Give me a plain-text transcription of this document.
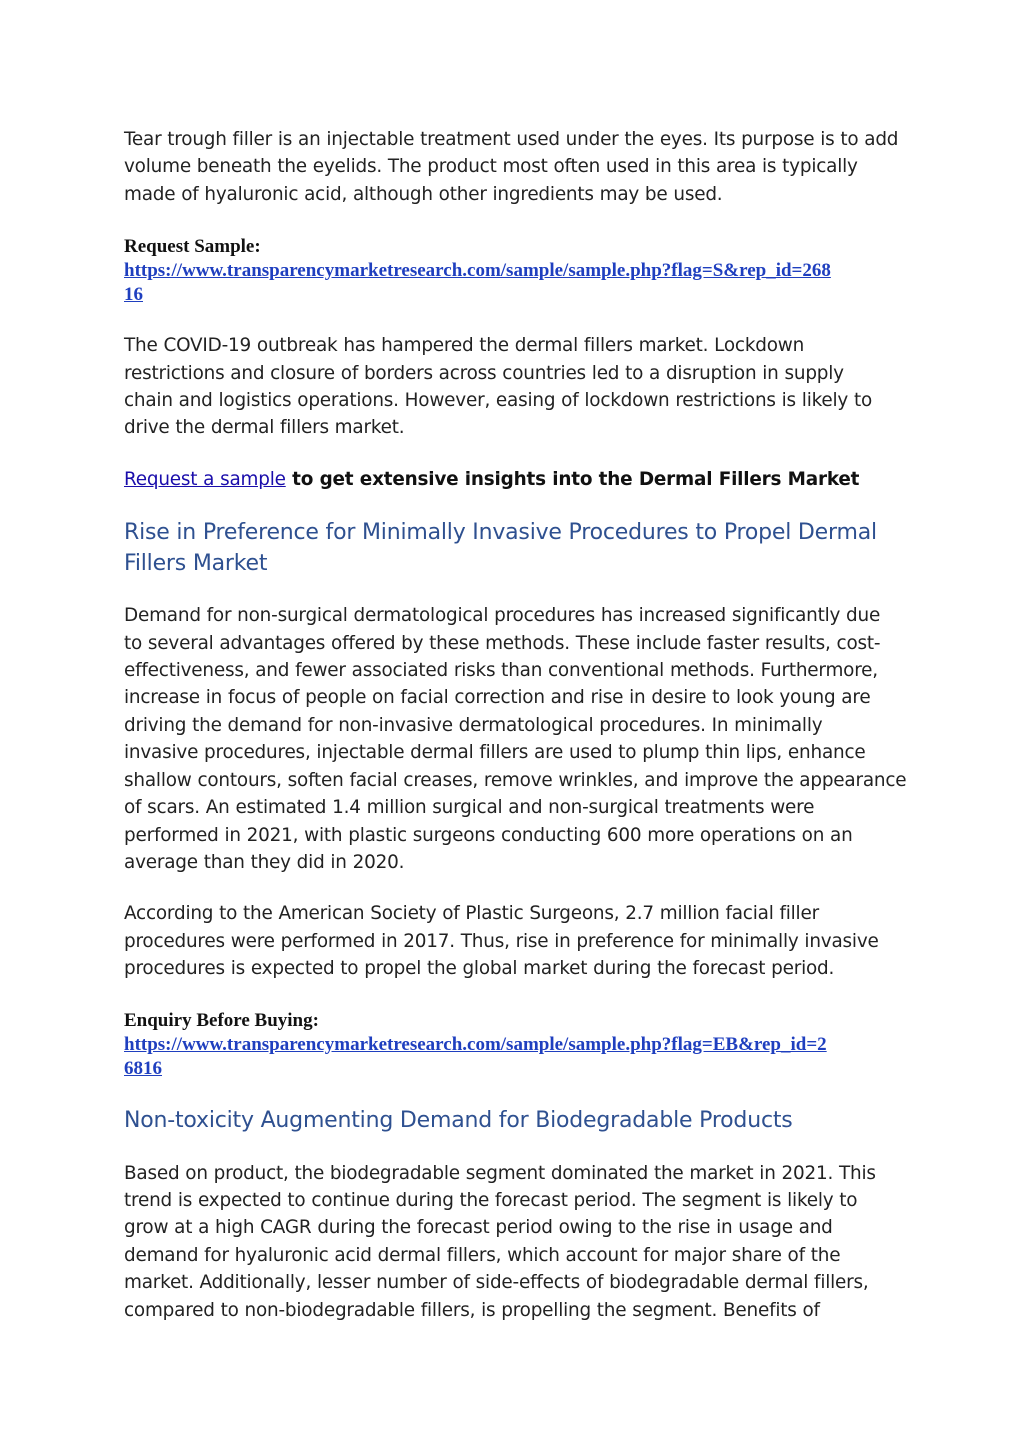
Tear trough filler is an injectable treatment used under the eyes. Its purpose is to add
volume beneath the eyelids. The product most often used in this area is typically
made of hyaluronic acid, although other ingredients may be used.

Request Sample:
https://www.transparencymarketresearch.com/sample/sample.php?flag=S&rep_id=268
16

The COVID-19 outbreak has hampered the dermal fillers market. Lockdown
restrictions and closure of borders across countries led to a disruption in supply
chain and logistics operations. However, easing of lockdown restrictions is likely to
drive the dermal fillers market.

Request a sample to get extensive insights into the Dermal Fillers Market

Rise in Preference for Minimally Invasive Procedures to Propel Dermal
Fillers Market

Demand for non-surgical dermatological procedures has increased significantly due
to several advantages offered by these methods. These include faster results, cost-
effectiveness, and fewer associated risks than conventional methods. Furthermore,
increase in focus of people on facial correction and rise in desire to look young are
driving the demand for non-invasive dermatological procedures. In minimally
invasive procedures, injectable dermal fillers are used to plump thin lips, enhance
shallow contours, soften facial creases, remove wrinkles, and improve the appearance
of scars. An estimated 1.4 million surgical and non-surgical treatments were
performed in 2021, with plastic surgeons conducting 600 more operations on an
average than they did in 2020.

According to the American Society of Plastic Surgeons, 2.7 million facial filler
procedures were performed in 2017. Thus, rise in preference for minimally invasive
procedures is expected to propel the global market during the forecast period.

Enquiry Before Buying:
https://www.transparencymarketresearch.com/sample/sample.php?flag=EB&rep_id=2
6816
Non-toxicity Augmenting Demand for Biodegradable Products

Based on product, the biodegradable segment dominated the market in 2021. This
trend is expected to continue during the forecast period. The segment is likely to
grow at a high CAGR during the forecast period owing to the rise in usage and
demand for hyaluronic acid dermal fillers, which account for major share of the
market. Additionally, lesser number of side-effects of biodegradable dermal fillers,
compared to non-biodegradable fillers, is propelling the segment. Benefits of
